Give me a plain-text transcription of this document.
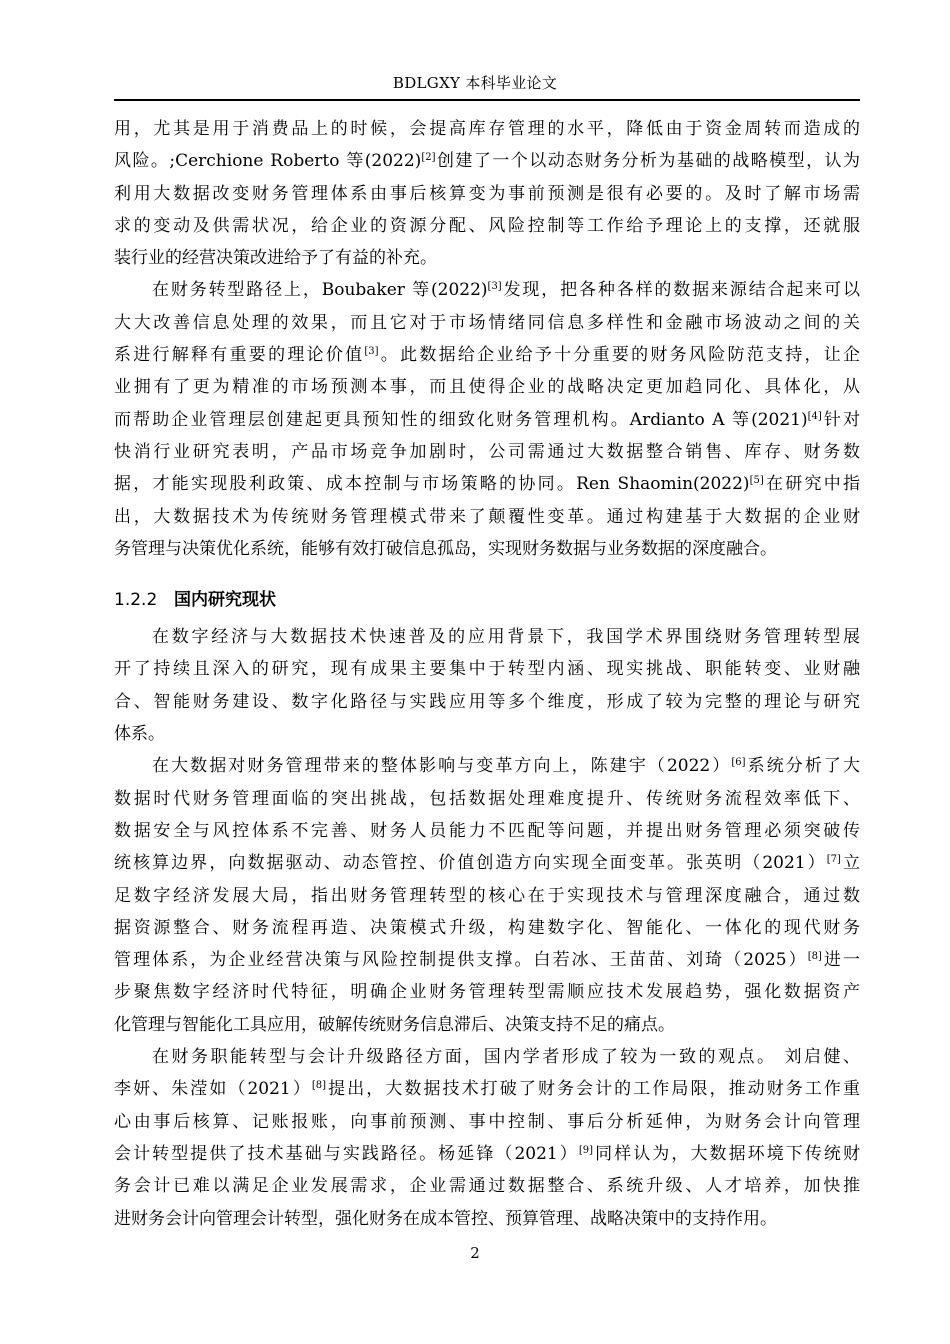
BDLGXY 本科毕业论文
用，尤其是用于消费品上的时候，会提高库存管理的水平，降低由于资金周转而造成的
风险。;Cerchione Roberto 等(2022)[2]创建了一个以动态财务分析为基础的战略模型，认为
利用大数据改变财务管理体系由事后核算变为事前预测是很有必要的。及时了解市场需
求的变动及供需状况，给企业的资源分配、风险控制等工作给予理论上的支撑，还就服
装行业的经营决策改进给予了有益的补充。
在财务转型路径上，Boubaker 等(2022)[3]发现，把各种各样的数据来源结合起来可以
大大改善信息处理的效果，而且它对于市场情绪同信息多样性和金融市场波动之间的关
系进行解释有重要的理论价值[3]。此数据给企业给予十分重要的财务风险防范支持，让企
业拥有了更为精准的市场预测本事，而且使得企业的战略决定更加趋同化、具体化，从
而帮助企业管理层创建起更具预知性的细致化财务管理机构。Ardianto A 等(2021)[4]针对
快消行业研究表明，产品市场竞争加剧时，公司需通过大数据整合销售、库存、财务数
据，才能实现股利政策、成本控制与市场策略的协同。Ren Shaomin(2022)[5]在研究中指
出，大数据技术为传统财务管理模式带来了颠覆性变革。通过构建基于大数据的企业财
务管理与决策优化系统，能够有效打破信息孤岛，实现财务数据与业务数据的深度融合。
1.2.2 国内研究现状
在数字经济与大数据技术快速普及的应用背景下，我国学术界围绕财务管理转型展
开了持续且深入的研究，现有成果主要集中于转型内涵、现实挑战、职能转变、业财融
合、智能财务建设、数字化路径与实践应用等多个维度，形成了较为完整的理论与研究
体系。
在大数据对财务管理带来的整体影响与变革方向上，陈建宇（2022）[6]系统分析了大
数据时代财务管理面临的突出挑战，包括数据处理难度提升、传统财务流程效率低下、
数据安全与风控体系不完善、财务人员能力不匹配等问题，并提出财务管理必须突破传
统核算边界，向数据驱动、动态管控、价值创造方向实现全面变革。张英明（2021）[7]立
足数字经济发展大局，指出财务管理转型的核心在于实现技术与管理深度融合，通过数
据资源整合、财务流程再造、决策模式升级，构建数字化、智能化、一体化的现代财务
管理体系，为企业经营决策与风险控制提供支撑。白若冰、王苗苗、刘琦（2025）[8]进一
步聚焦数字经济时代特征，明确企业财务管理转型需顺应技术发展趋势，强化数据资产
化管理与智能化工具应用，破解传统财务信息滞后、决策支持不足的痛点。
在财务职能转型与会计升级路径方面，国内学者形成了较为一致的观点。 刘启健、
李妍、朱滢如（2021）[8]提出，大数据技术打破了财务会计的工作局限，推动财务工作重
心由事后核算、记账报账，向事前预测、事中控制、事后分析延伸，为财务会计向管理
会计转型提供了技术基础与实践路径。杨延锋（2021）[9]同样认为，大数据环境下传统财
务会计已难以满足企业发展需求，企业需通过数据整合、系统升级、人才培养，加快推
进财务会计向管理会计转型，强化财务在成本管控、预算管理、战略决策中的支持作用。
2
